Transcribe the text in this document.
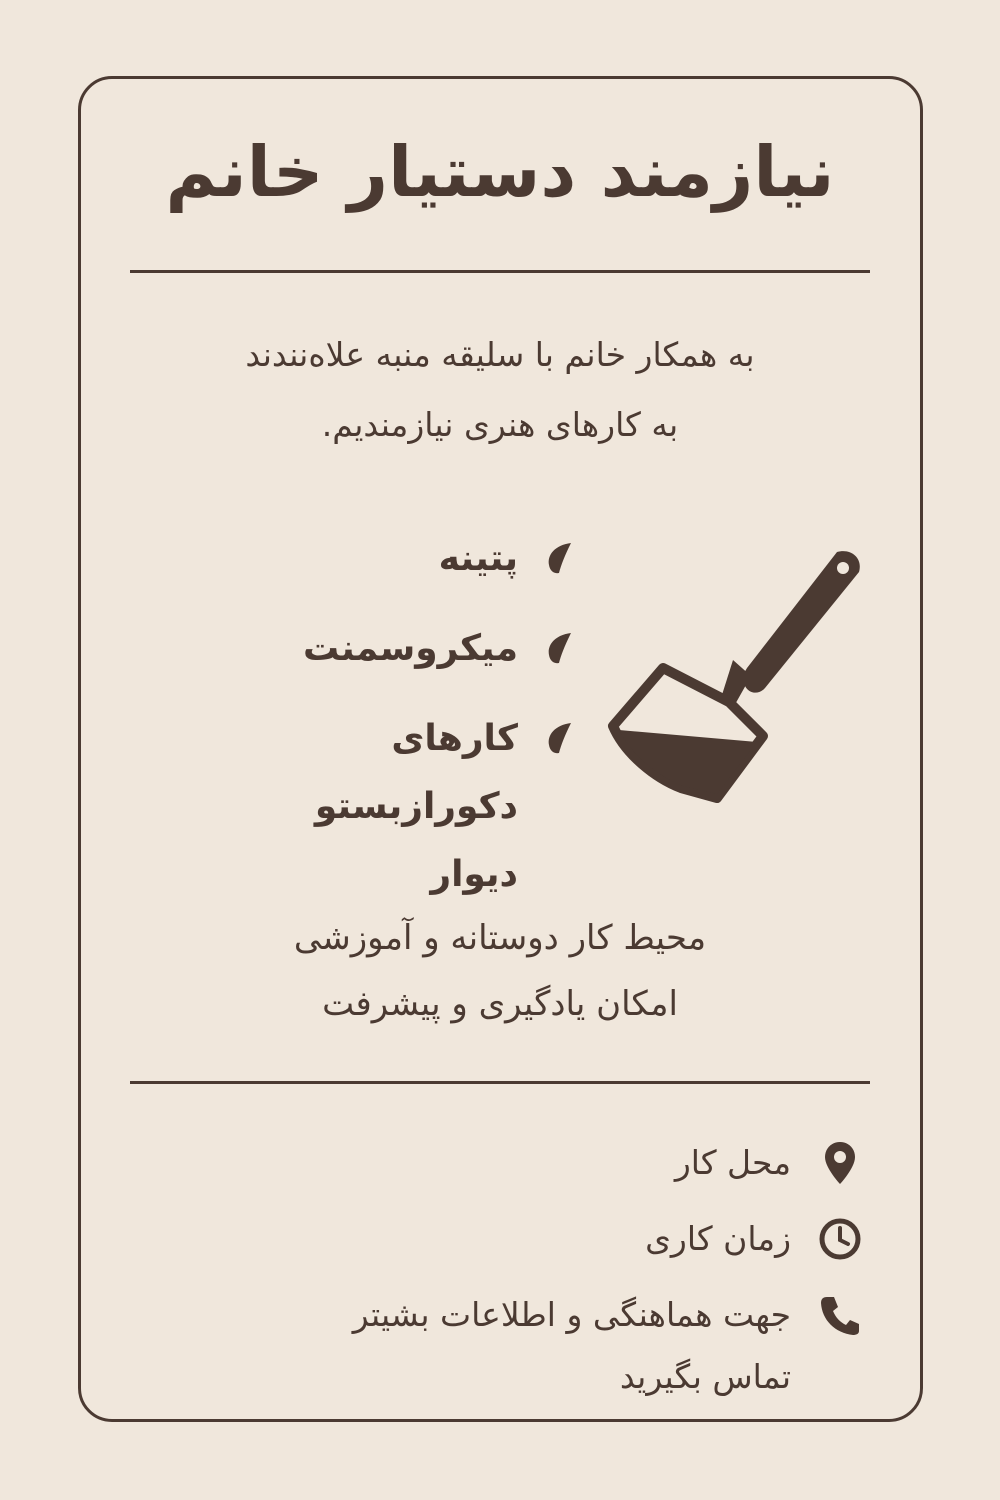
نیازمند دستیار خانم
به همکار خانم با سلیقه منبه علاه‌نندند
به کارهای هنری نیازمندیم.
پتینه
میکروسمنت
کارهای دکورازبستو دیوار
محیط کار دوستانه و آموزشی
امکان یادگیری و پیشرفت
محل کار
زمان کاری
جهت هماهنگی و اطلاعات بشیتر تماس بگیرید
